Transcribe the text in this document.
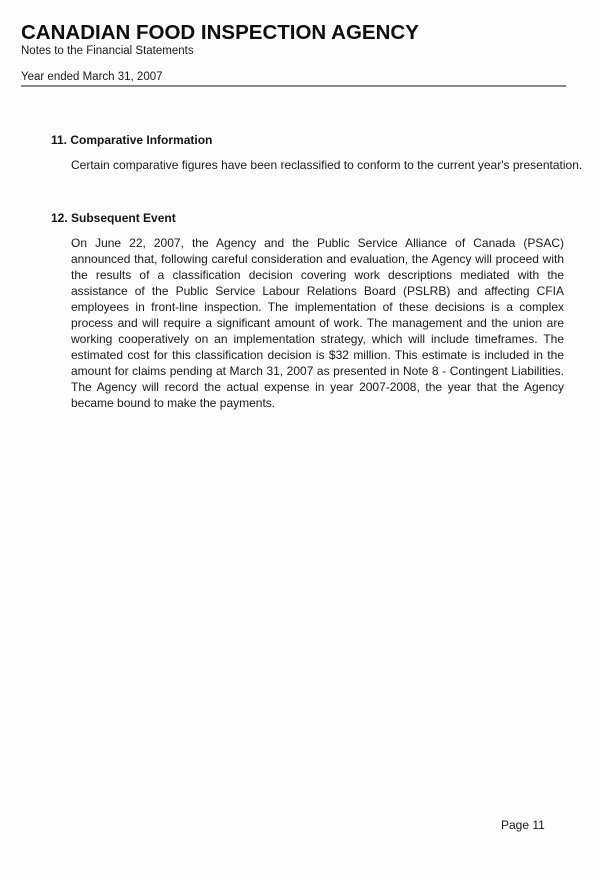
CANADIAN FOOD INSPECTION AGENCY

Notes to the Financial Statements

Year ended March 31, 2007
11. Comparative Information
Certain comparative figures have been reclassified to conform to the current year's presentation.
12. Subsequent Event
On June 22, 2007, the Agency and the Public Service Alliance of Canada (PSAC) announced that, following careful consideration and evaluation, the Agency will proceed with the results of a classification decision covering work descriptions mediated with the assistance of the Public Service Labour Relations Board (PSLRB) and affecting CFIA employees in front-line inspection. The implementation of these decisions is a complex process and will require a significant amount of work. The management and the union are working cooperatively on an implementation strategy, which will include timeframes. The estimated cost for this classification decision is $32 million. This estimate is included in the amount for claims pending at March 31, 2007 as presented in Note 8 - Contingent Liabilities. The Agency will record the actual expense in year 2007-2008, the year that the Agency became bound to make the payments.
Page 11
